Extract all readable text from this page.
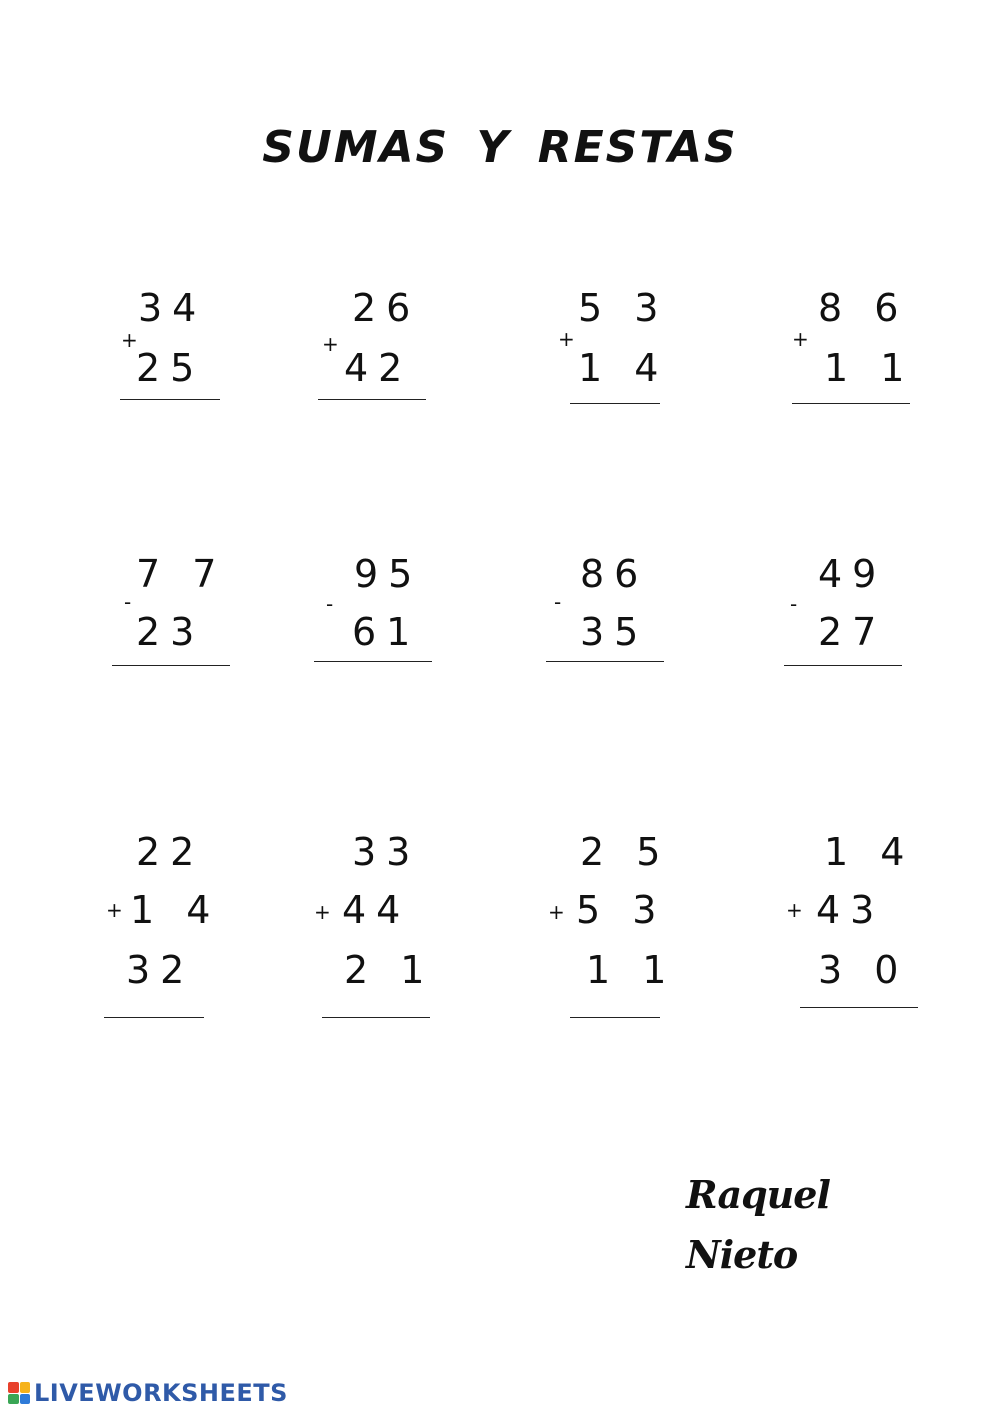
SUMAS Y RESTAS
+
34
25
+
26
42
+
5 3
1 4
+
8 6
1 1
-
7 7
23
-
95
61
-
86
35
-
49
27
+
22
1 4
32
+
33
44
2 1
+
2 5
5 3
1 1
+
1 4
43
3 0
Raquel Nieto
LIVEWORKSHEETS
